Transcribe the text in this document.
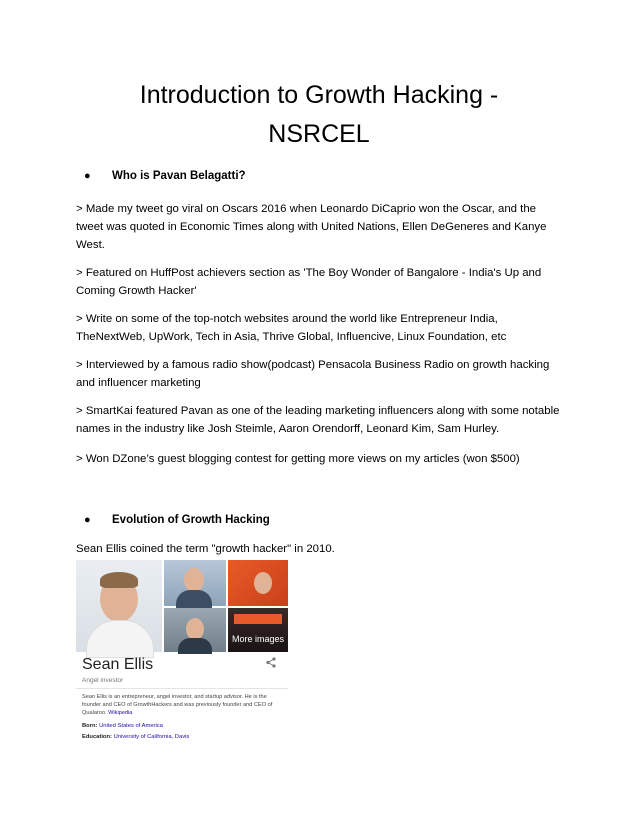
Introduction to Growth Hacking -
NSRCEL
●	Who is Pavan Belagatti?

> Made my tweet go viral on Oscars 2016 when Leonardo DiCaprio won the Oscar, and the
tweet was quoted in Economic Times along with United Nations, Ellen DeGeneres and Kanye
West.

> Featured on HuffPost achievers section as 'The Boy Wonder of Bangalore - India's Up and
Coming Growth Hacker'

> Write on some of the top-notch websites around the world like Entrepreneur India,
TheNextWeb, UpWork, Tech in Asia, Thrive Global, Influencive, Linux Foundation, etc

> Interviewed by a famous radio show(podcast) Pensacola Business Radio on growth hacking
and influencer marketing

> SmartKai featured Pavan as one of the leading marketing influencers along with some notable
names in the industry like Josh Steimle, Aaron Orendorff, Leonard Kim, Sam Hurley.

> Won DZone’s guest blogging contest for getting more views on my articles (won $500)

●	Evolution of Growth Hacking

Sean Ellis coined the term "growth hacker" in 2010.

ANGLI
More images
Sean Ellis
Angel investor
Sean Ellis is an entrepreneur, angel investor, and startup advisor. He is the founder and CEO of GrowthHackers and was previously founder and CEO of Qualaroo. Wikipedia
Born: United States of America
Education: University of California, Davis
